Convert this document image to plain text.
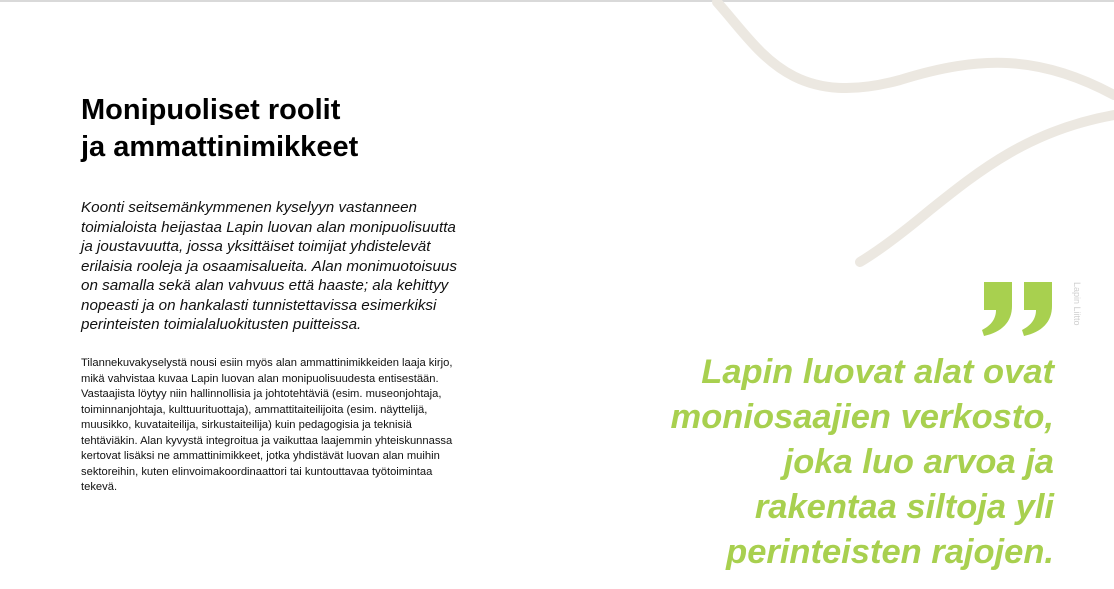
Monipuoliset roolit
ja ammattinimikkeet
Koonti seitsemänkymmenen kyselyyn vastanneen
toimialoista heijastaa Lapin luovan alan monipuolisuutta
ja joustavuutta, jossa yksittäiset toimijat yhdistelevät
erilaisia rooleja ja osaamisalueita. Alan monimuotoisuus
on samalla sekä alan vahvuus että haaste; ala kehittyy
nopeasti ja on hankalasti tunnistettavissa esimerkiksi
perinteisten toimialaluokitusten puitteissa.
Tilannekuvakyselystä nousi esiin myös alan ammattinimikkeiden laaja kirjo,
mikä vahvistaa kuvaa Lapin luovan alan monipuolisuudesta entisestään.
Vastaajista löytyy niin hallinnollisia ja johtotehtäviä (esim. museonjohtaja,
toiminnanjohtaja, kulttuurituottaja), ammattitaiteilijoita (esim. näyttelijä,
muusikko, kuvataiteilija, sirkustaiteilija) kuin pedagogisia ja teknisiä
tehtäviäkin. Alan kyvystä integroitua ja vaikuttaa laajemmin yhteiskunnassa
kertovat lisäksi ne ammattinimikkeet, jotka yhdistävät luovan alan muihin
sektoreihin, kuten elinvoimakoordinaattori tai kuntouttavaa työtoimintaa
tekevä.
Lapin Liitto
Lapin luovat alat ovat
moniosaajien verkosto,
joka luo arvoa ja
rakentaa siltoja yli
perinteisten rajojen.
